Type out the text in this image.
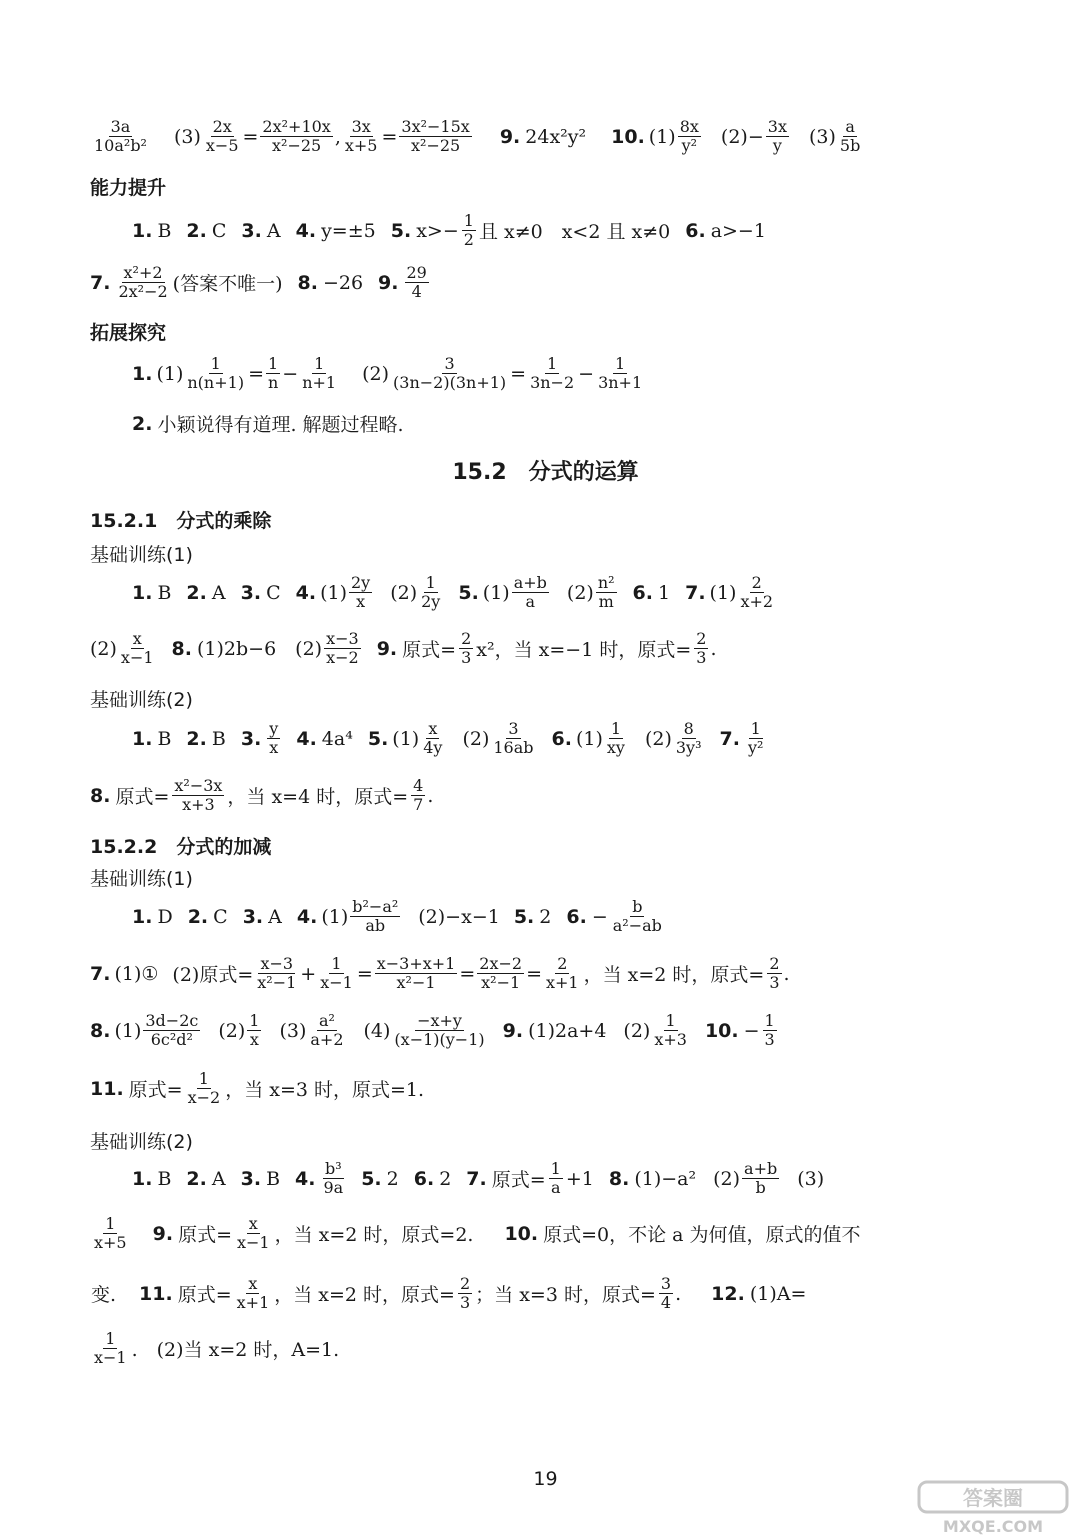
$\frac{3a}{\text{10a²b²}} (3) \frac{2x}{x-5} = \frac{\text{2x²+10x}}{\text{x²−25}}$ , $\frac{3x}{x+5} = \frac{\text{3x²−15x}}{\text{x²−25}} 9$. 24x²y² 10. $(1) \frac{8x}{\text{y²}} (2)- \frac{3x}{y} (3) \frac{a}{5b}$
能力提升
1. B 2. C 3. A 4. y=±5 5. $x>- \frac{1}{2}$ 且 x≠0　x<2 且 x≠0 6. a>−1
7. $\frac{\text{x²+2}}{\text{2x²−2}}$ (答案不唯一) 8. −26 9. $\frac{29}{4}$
拓展探究
1. $(1) \frac{1}{n(n+1)} = \frac{1}{n} - \frac{1}{n+1} (2) \frac{3}{(3n-2)(3n+1)} = \frac{1}{3n-2} - \frac{1}{3n+1}$
2. 小颖说得有道理. 解题过程略.
15.2　分式的运算
15.2.1　分式的乘除
基础训练(1)
1. B 2. A 3. C 4. $(1) \frac{2y}{x} (2) \frac{1}{2y} 5$. $(1) \frac{a+b}{a} (2) \frac{\text{n²}}{m} 6$. 1 7. $(1) \frac{2}{x+2}$
$(2) \frac{x}{x-1} 8$. (1)2b−6 $(2) \frac{x-3}{x-2} 9$. 原式= $\frac{2}{3} x^2$，当 x=−1 时，原式= $\frac{2}{3}$ .
基础训练(2)
1. B 2. B 3. $\frac{y}{x} 4$. 4a⁴ 5. $(1) \frac{x}{4y} (2) \frac{3}{16ab} 6$. $(1) \frac{1}{xy} (2) \frac{8}{\text{3y³}} 7$. $\frac{1}{\text{y²}}$
8. 原式= $\frac{\text{x²−3x}}{x+3}$ ，当 x=4 时，原式= $\frac{4}{7}$ .
15.2.2　分式的加减
基础训练(1)
1. D 2. C 3. A 4. $(1) \frac{\text{b²−a²}}{ab} (2)-x-1$ 5. 2 6. − $\frac{b}{\text{a²−ab}}$
7. (1)① (2)原式= $\frac{x-3}{\text{x²−1}} + \frac{1}{x-1} = \frac{x-3+x+1}{\text{x²−1}} = \frac{2x-2}{\text{x²−1}} = \frac{2}{x+1}$ ，当 x=2 时，原式= $\frac{2}{3}$ .
8. $(1) \frac{3d-2c}{\text{6c²d²}} (2) \frac{1}{x} (3) \frac{\text{a²}}{a+2} (4) \frac{-x+y}{(x-1)(y-1)} 9$. (1)2a+4 $(2) \frac{1}{x+3} 10$. − $\frac{1}{3}$
11. 原式= $\frac{1}{x-2}$ ，当 x=3 时，原式=1.
基础训练(2)
1. B 2. A 3. B 4. $\frac{\text{b³}}{9a} 5$. 2 6. 2 7. 原式= $\frac{1}{a} +1$ 8. (1)−a² $(2) \frac{a+b}{b} (3)$
$\frac{1}{x+5} 9$. 原式= $\frac{x}{x-1}$ ，当 x=2 时，原式=2. 10. 原式=0，不论 a 为何值，原式的值不
变. 11. 原式= $\frac{x}{x+1}$ ，当 x=2 时，原式= $\frac{2}{3}$ ；当 x=3 时，原式= $\frac{3}{4}$ . 12. (1)A=
$\frac{1}{x-1}$ .　(2)当 x=2 时，A=1.
19
答案圈
MXQE.COM
